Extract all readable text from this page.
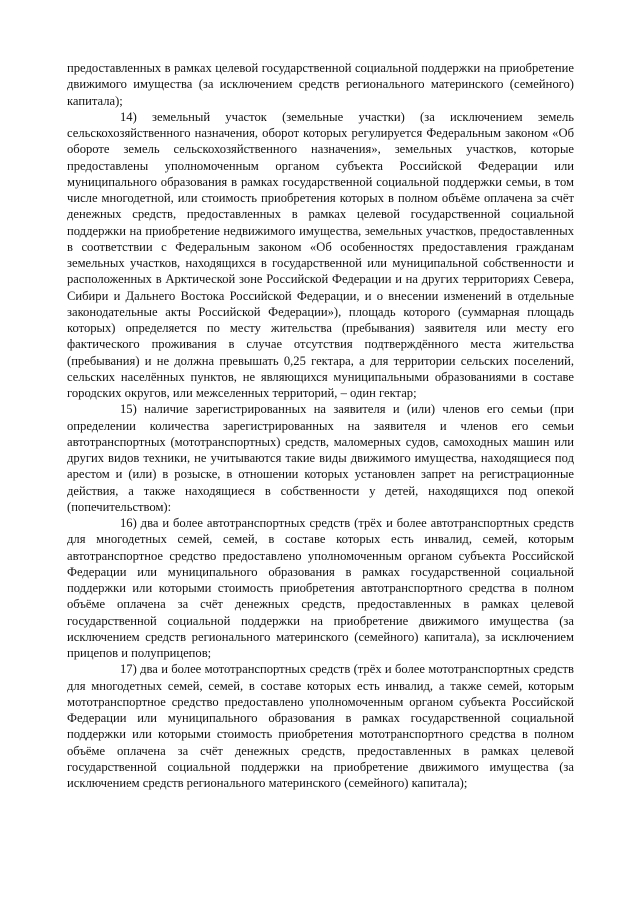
предоставленных в рамках целевой государственной социальной поддержки на приобретение движимого имущества (за исключением средств регионального материнского (семейного) капитала);

14) земельный участок (земельные участки) (за исключением земель сельскохозяйственного назначения, оборот которых регулируется Федеральным законом «Об обороте земель сельскохозяйственного назначения», земельных участков, которые предоставлены уполномоченным органом субъекта Российской Федерации или муниципального образования в рамках государственной социальной поддержки семьи, в том числе многодетной, или стоимость приобретения которых в полном объёме оплачена за счёт денежных средств, предоставленных в рамках целевой государственной социальной поддержки на приобретение недвижимого имущества, земельных участков, предоставленных в соответствии с Федеральным законом «Об особенностях предоставления гражданам земельных участков, находящихся в государственной или муниципальной собственности и расположенных в Арктической зоне Российской Федерации и на других территориях Севера, Сибири и Дальнего Востока Российской Федерации, и о внесении изменений в отдельные законодательные акты Российской Федерации»), площадь которого (суммарная площадь которых) определяется по месту жительства (пребывания) заявителя или месту его фактического проживания в случае отсутствия подтверждённого места жительства (пребывания) и не должна превышать 0,25 гектара, а для территории сельских поселений, сельских населённых пунктов, не являющихся муниципальными образованиями в составе городских округов, или межселенных территорий, – один гектар;

15) наличие зарегистрированных на заявителя и (или) членов его семьи (при определении количества зарегистрированных на заявителя и членов его семьи автотранспортных (мототранспортных) средств, маломерных судов, самоходных машин или других видов техники, не учитываются такие виды движимого имущества, находящиеся под арестом и (или) в розыске, в отношении которых установлен запрет на регистрационные действия, а также находящиеся в собственности у детей, находящихся под опекой (попечительством):

16) два и более автотранспортных средств (трёх и более автотранспортных средств для многодетных семей, семей, в составе которых есть инвалид, семей, которым автотранспортное средство предоставлено уполномоченным органом субъекта Российской Федерации или муниципального образования в рамках государственной социальной поддержки или которыми стоимость приобретения автотранспортного средства в полном объёме оплачена за счёт денежных средств, предоставленных в рамках целевой государственной социальной поддержки на приобретение движимого имущества (за исключением средств регионального материнского (семейного) капитала), за исключением прицепов и полуприцепов;

17) два и более мототранспортных средств (трёх и более мототранспортных средств для многодетных семей, семей, в составе которых есть инвалид, а также семей, которым мототранспортное средство предоставлено уполномоченным органом субъекта Российской Федерации или муниципального образования в рамках государственной социальной поддержки или которыми стоимость приобретения мототранспортного средства в полном объёме оплачена за счёт денежных средств, предоставленных в рамках целевой государственной социальной поддержки на приобретение движимого имущества (за исключением средств регионального материнского (семейного) капитала);
